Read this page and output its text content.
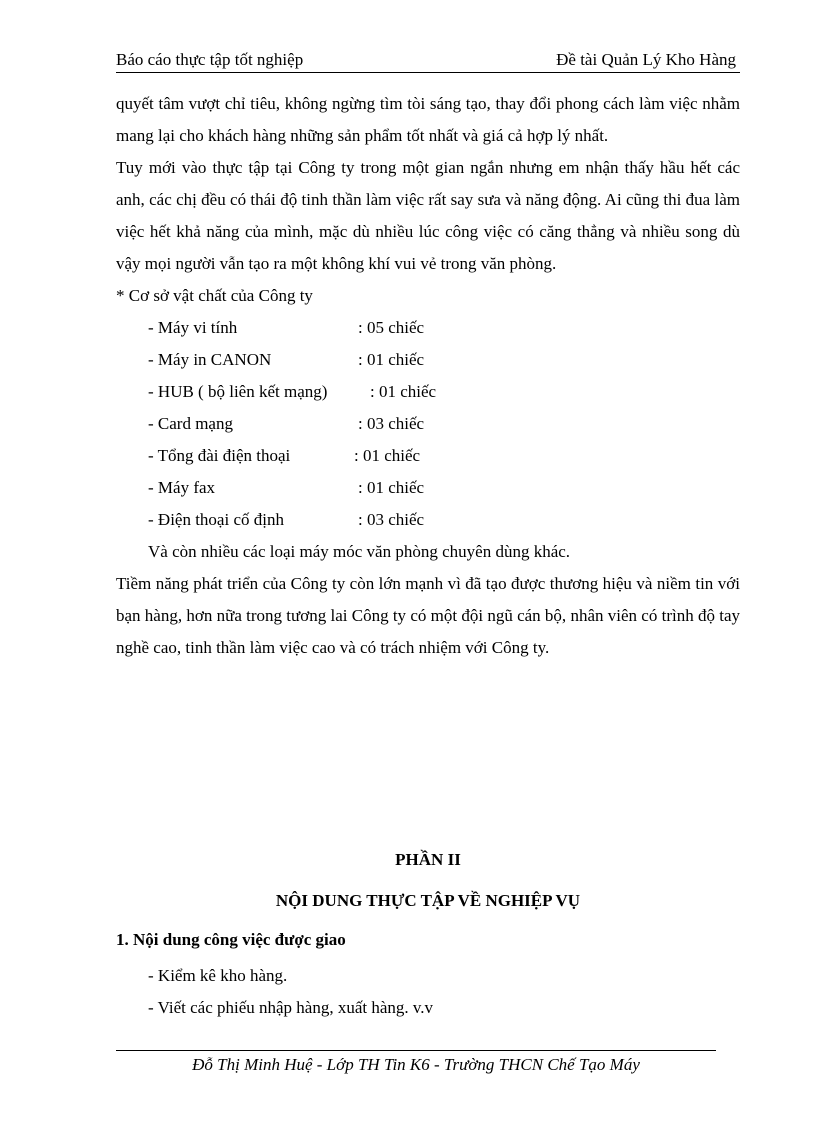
Báo cáo thực tập tốt nghiệp	Đề tài Quản Lý Kho Hàng

quyết tâm vượt chỉ tiêu, không ngừng tìm tòi sáng tạo, thay đổi phong cách làm việc nhằm mang lại cho khách hàng những sản phẩm tốt nhất và giá cả hợp lý nhất.

Tuy mới vào thực tập tại Công ty trong một gian ngắn nhưng em nhận thấy hầu hết các anh, các chị đều có thái độ tinh thần làm việc rất say sưa và năng động. Ai cũng thi đua làm việc hết khả năng của mình, mặc dù nhiều lúc công việc có căng thẳng và nhiều song dù vậy mọi người vẫn tạo ra một không khí vui vẻ trong văn phòng.

* Cơ sở vật chất của Công ty

- Máy vi tính	: 05 chiếc
- Máy in CANON	: 01 chiếc
- HUB ( bộ liên kết mạng)	: 01 chiếc
- Card mạng	: 03 chiếc
- Tổng đài điện thoại	: 01 chiếc
- Máy fax	: 01 chiếc
- Điện thoại cố định	: 03 chiếc

Và còn nhiều các loại máy móc văn phòng chuyên dùng khác.

Tiềm năng phát triển của Công ty còn lớn mạnh vì đã tạo được thương hiệu và niềm tin với bạn hàng, hơn nữa trong tương lai Công ty có một đội ngũ cán bộ, nhân viên có trình độ tay nghề cao, tinh thần làm việc cao và có trách nhiệm với Công ty.

PHẦN II
NỘI DUNG THỰC TẬP VỀ NGHIỆP VỤ
1. Nội dung công việc được giao
- Kiểm kê kho hàng.
- Viết các phiếu nhập hàng, xuất hàng. v.v
Đỗ Thị Minh Huệ - Lớp TH Tin K6 - Trường THCN Chế Tạo Máy
